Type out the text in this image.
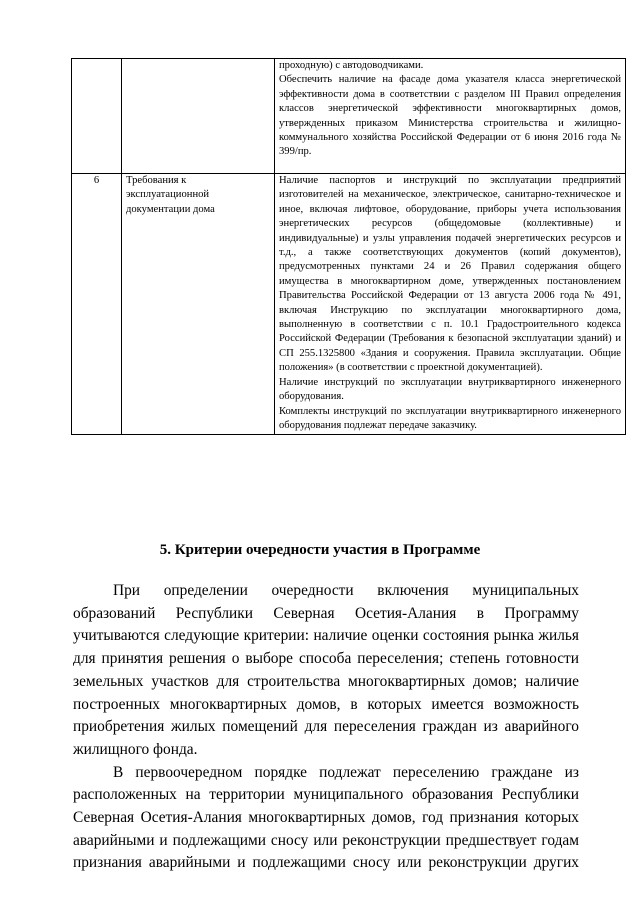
		проходную) с автодоводчиками.

Обеспечить наличие на фасаде дома указателя класса энергетической эффективности дома в соответствии с разделом III Правил определения классов энергетической эффективности многоквартирных домов, утвержденных приказом Министерства строительства и жилищно-коммунального хозяйства Российской Федерации от 6 июня 2016 года № 399/пр.

6	Требования к эксплуатационной документации дома	Наличие паспортов и инструкций по эксплуатации предприятий изготовителей на механическое, электрическое, санитарно-техническое и иное, включая лифтовое, оборудование, приборы учета использования энергетических ресурсов (общедомовые (коллективные) и индивидуальные) и узлы управления подачей энергетических ресурсов и т.д., а также соответствующих документов (копий документов), предусмотренных пунктами 24 и 26 Правил содержания общего имущества в многоквартирном доме, утвержденных постановлением Правительства Российской Федерации от 13 августа 2006 года № 491, включая Инструкцию по эксплуатации многоквартирного дома, выполненную в соответствии с п. 10.1 Градостроительного кодекса Российской Федерации (Требования к безопасной эксплуатации зданий) и СП 255.1325800 «Здания и сооружения. Правила эксплуатации. Общие положения» (в соответствии с проектной документацией).

Наличие инструкций по эксплуатации внутриквартирного инженерного оборудования.

Комплекты инструкций по эксплуатации внутриквартирного инженерного оборудования подлежат передаче заказчику.

5. Критерии очередности участия в Программе

При определении очередности включения муниципальных образований Республики Северная Осетия-Алания в Программу учитываются следующие критерии: наличие оценки состояния рынка жилья для принятия решения о выборе способа переселения; степень готовности земельных участков для строительства многоквартирных домов; наличие построенных многоквартирных домов, в которых имеется возможность приобретения жилых помещений для переселения граждан из аварийного жилищного фонда.

В первоочередном порядке подлежат переселению граждане из расположенных на территории муниципального образования Республики Северная Осетия-Алания многоквартирных домов, год признания которых аварийными и подлежащими сносу или реконструкции предшествует годам признания аварийными и подлежащими сносу или реконструкции других
